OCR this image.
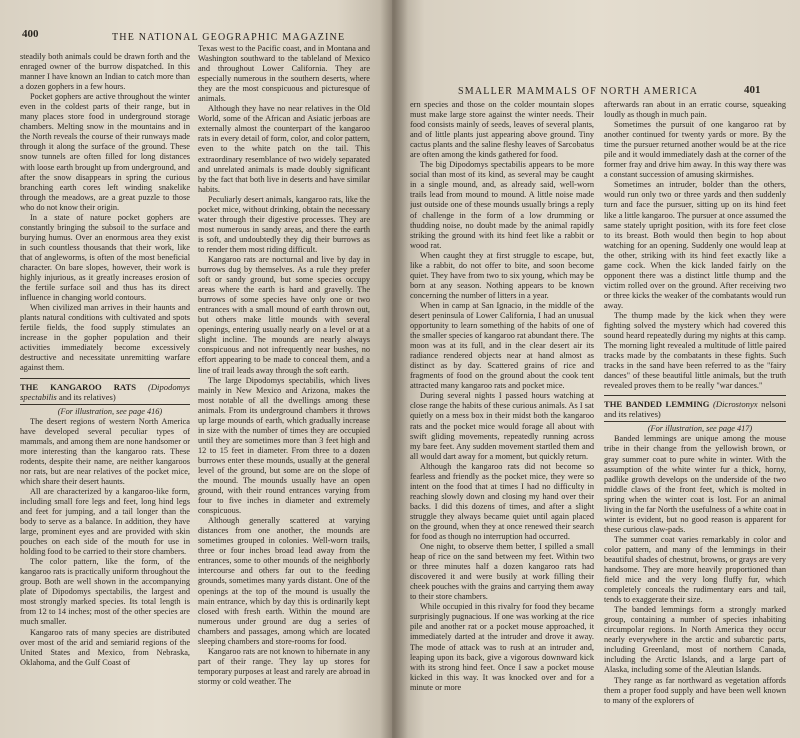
400	THE NATIONAL GEOGRAPHIC MAGAZINE

steadily both animals could be drawn forth and the enraged owner of the burrow dispatched. In this manner I have known an Indian to catch more than a dozen gophers in a few hours.

Pocket gophers are active throughout the winter even in the coldest parts of their range, but in many places store food in underground storage chambers. Melting snow in the mountains and in the North reveals the course of their runways made through it along the surface of the ground. These snow tunnels are often filled for long distances with loose earth brought up from underground, and after the snow disappears in spring the curious branching earth cores left winding snakelike through the meadows, are a great puzzle to those who do not know their origin.

In a state of nature pocket gophers are constantly bringing the subsoil to the surface and burying humus. Over an enormous area they exist in such countless thousands that their work, like that of angleworms, is often of the most beneficial character. On bare slopes, however, their work is highly injurious, as it greatly increases erosion of the fertile surface soil and thus has its direct influence in changing world contours.

When civilized man arrives in their haunts and plants natural conditions with cultivated and spots fertile fields, the food supply stimulates an increase in the gopher population and their activities immediately become excessively destructive and necessitate unremitting warfare against them.

THE KANGAROO RATS (Dipodomys spectabilis and its relatives)

(For illustration, see page 416)

The desert regions of western North America have developed several peculiar types of mammals, and among them are none handsomer or more interesting than the kangaroo rats. These rodents, despite their name, are neither kangaroos nor rats, but are near relatives of the pocket mice, which share their desert haunts.

All are characterized by a kangaroo-like form, including small fore legs and feet, long hind legs and feet for jumping, and a tail longer than the body to serve as a balance. In addition, they have large, prominent eyes and are provided with skin pouches on each side of the mouth for use in holding food to be carried to their store chambers.

The color pattern, like the form, of the kangaroo rats is practically uniform throughout the group. Both are well shown in the accompanying plate of Dipodomys spectabilis, the largest and most strongly marked species. Its total length is from 12 to 14 inches; most of the other species are much smaller.

Kangaroo rats of many species are distributed over most of the arid and semiarid regions of the United States and Mexico, from Nebraska, Oklahoma, and the Gulf Coast of

Texas west to the Pacific coast, and in Montana and Washington southward to the tableland of Mexico and throughout Lower California. They are especially numerous in the southern deserts, where they are the most conspicuous and picturesque of animals.

Although they have no near relatives in the Old World, some of the African and Asiatic jerboas are externally almost the counterpart of the kangaroo rats in every detail of form, color, and color pattern, even to the white patch on the tail. This extraordinary resemblance of two widely separated and unrelated animals is made doubly significant by the fact that both live in deserts and have similar habits.

Peculiarly desert animals, kangaroo rats, like the pocket mice, without drinking, obtain the necessary water through their digestive processes. They are most numerous in sandy areas, and there the earth is soft, and undoubtedly they dig their burrows as to render them most riding difficult.

Kangaroo rats are nocturnal and live by day in burrows dug by themselves. As a rule they prefer soft or sandy ground, but some species occupy areas where the earth is hard and gravelly. The burrows of some species have only one or two entrances with a small mound of earth thrown out, but others make little mounds with several openings, entering usually nearly on a level or at a slight incline. The mounds are nearly always conspicuous and not infrequently near bushes, no effort appearing to be made to conceal them, and a line of trail leads away through the soft earth.

The large Dipodomys spectabilis, which lives mainly in New Mexico and Arizona, makes the most notable of all the dwellings among these animals. From its underground chambers it throws up large mounds of earth, which gradually increase in size with the number of times they are occupied until they are sometimes more than 3 feet high and 12 to 15 feet in diameter. From three to a dozen burrows enter these mounds, usually at the general level of the ground, but some are on the slope of the mound. The mounds usually have an open ground, with their round entrances varying from four to five inches in diameter and extremely conspicuous.

Although generally scattered at varying distances from one another, the mounds are sometimes grouped in colonies. Well-worn trails, three or four inches broad lead away from the entrances, some to other mounds of the neighborly intercourse and others far out to the feeding grounds, sometimes many yards distant. One of the openings at the top of the mound is usually the main entrance, which by day this is ordinarily kept closed with fresh earth. Within the mound are numerous under ground are dug a series of chambers and passages, among which are located sleeping chambers and store-rooms for food.

Kangaroo rats are not known to hibernate in any part of their range. They lay up stores for temporary purposes at least and rarely are abroad in stormy or cold weather. The

SMALLER MAMMALS OF NORTH AMERICA	401

ern species and those on the colder mountain slopes must make large store against the winter needs. Their food consists mainly of seeds, leaves of several plants, and of little plants just appearing above ground. Tiny cactus plants and the saline fleshy leaves of Sarcobatus are often among the kinds gathered for food.

The big Dipodomys spectabilis appears to be more social than most of its kind, as several may be caught in a single mound, and, as already said, well-worn trails lead from mound to mound. A little noise made just outside one of these mounds usually brings a reply of challenge in the form of a low drumming or thudding noise, no doubt made by the animal rapidly striking the ground with its hind feet like a rabbit or wood rat.

When caught they at first struggle to escape, but, like a rabbit, do not offer to bite, and soon become quiet. They have from two to six young, which may be born at any season. Nothing appears to be known concerning the number of litters in a year.

When in camp at San Ignacio, in the middle of the desert peninsula of Lower California, I had an unusual opportunity to learn something of the habits of one of the smaller species of kangaroo rat abundant there. The moon was at its full, and in the clear desert air its radiance rendered objects near at hand almost as distinct as by day. Scattered grains of rice and fragments of food on the ground about the cook tent attracted many kangaroo rats and pocket mice.

During several nights I passed hours watching at close range the habits of these curious animals. As I sat quietly on a mess box in their midst both the kangaroo rats and the pocket mice would forage all about with swift gliding movements, repeatedly running across my bare feet. Any sudden movement startled them and all would dart away for a moment, but quickly return.

Although the kangaroo rats did not become so fearless and friendly as the pocket mice, they were so intent on the food that at times I had no difficulty in reaching slowly down and closing my hand over their backs. I did this dozens of times, and after a slight struggle they always became quiet until again placed on the ground, when they at once renewed their search for food as though no interruption had occurred.

One night, to observe them better, I spilled a small heap of rice on the sand between my feet. Within two or three minutes half a dozen kangaroo rats had discovered it and were busily at work filling their cheek pouches with the grains and carrying them away to their store chambers.

While occupied in this rivalry for food they became surprisingly pugnacious. If one was working at the rice pile and another rat or a pocket mouse approached, it immediately darted at the intruder and drove it away. The mode of attack was to rush at an intruder and, leaping upon its back, give a vigorous downward kick with its strong hind feet. Once I saw a pocket mouse kicked in this way. It was knocked over and for a minute or more

afterwards ran about in an erratic course, squeaking loudly as though in much pain.

Sometimes the pursuit of one kangaroo rat by another continued for twenty yards or more. By the time the pursuer returned another would be at the rice pile and it would immediately dash at the corner of the former fray and drive him away. In this way there was a constant succession of amusing skirmishes.

Sometimes an intruder, bolder than the others, would run only two or three yards and then suddenly turn and face the pursuer, sitting up on its hind feet like a little kangaroo. The pursuer at once assumed the same stately upright position, with its fore feet close to its breast. Both would then begin to hop about watching for an opening. Suddenly one would leap at the other, striking with its hind feet exactly like a game cock. When the kick landed fairly on the opponent there was a distinct little thump and the victim rolled over on the ground. After receiving two or three kicks the weaker of the combatants would run away.

The thump made by the kick when they were fighting solved the mystery which had covered this sound heard repeatedly during my nights at this camp. The morning light revealed a multitude of little paired tracks made by the combatants in these fights. Such tracks in the sand have been referred to as the "fairy dances" of these beautiful little animals, but the truth revealed proves them to be really "war dances."

THE BANDED LEMMING (Dicrostonyx nelsoni and its relatives)

(For illustration, see page 417)

Banded lemmings are unique among the mouse tribe in their change from the yellowish brown, or gray summer coat to pure white in winter. With the assumption of the white winter fur a thick, horny, padlike growth develops on the underside of the two middle claws of the front feet, which is molted in spring when the winter coat is lost. For an animal living in the far North the usefulness of a white coat in winter is evident, but no good reason is apparent for these curious claw-pads.

The summer coat varies remarkably in color and color pattern, and many of the lemmings in their beautiful shades of chestnut, browns, or grays are very handsome. They are more heavily proportioned than field mice and the very long fluffy fur, which completely conceals the rudimentary ears and tail, tends to exaggerate their size.

The banded lemmings form a strongly marked group, containing a number of species inhabiting circumpolar regions. In North America they occur nearly everywhere in the arctic and subarctic parts, including Greenland, most of northern Canada, including the Arctic Islands, and a large part of Alaska, including some of the Aleutian Islands.

They range as far northward as vegetation affords them a proper food supply and have been well known to many of the explorers of
